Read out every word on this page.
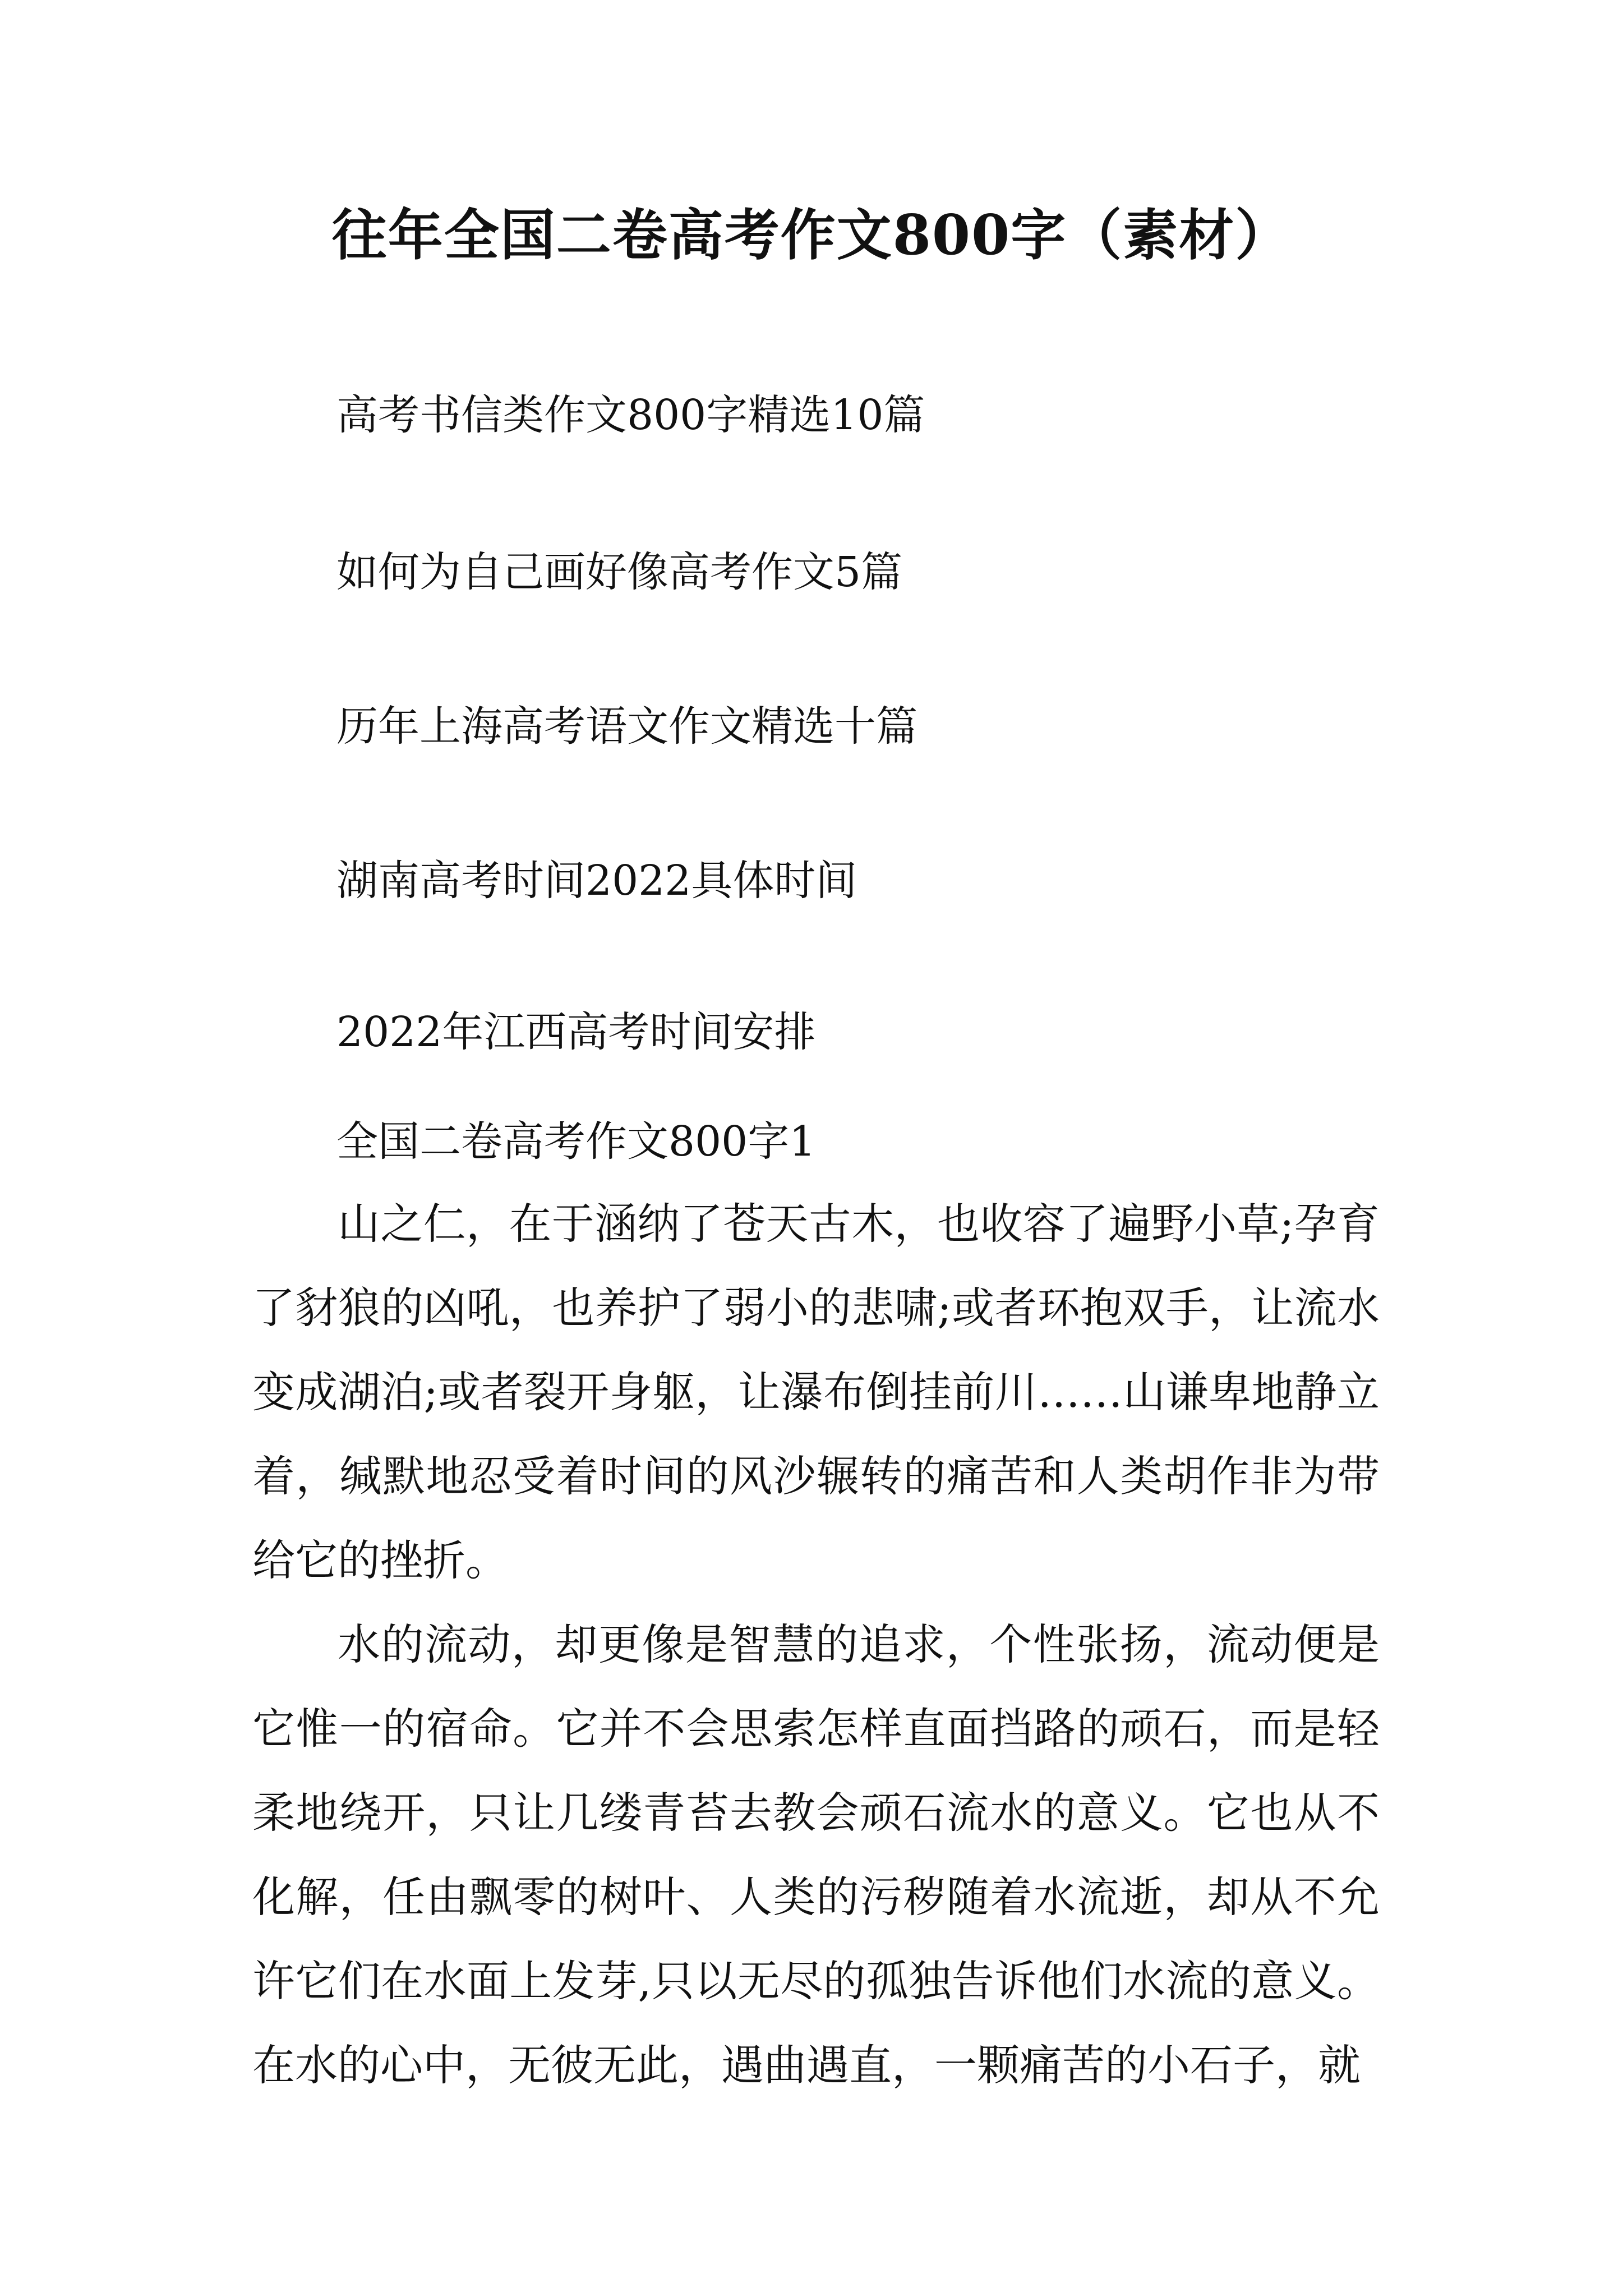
往年全国二卷高考作文800字（素材）
高考书信类作文800字精选10篇
如何为自己画好像高考作文5篇
历年上海高考语文作文精选十篇
湖南高考时间2022具体时间
2022年江西高考时间安排
全国二卷高考作文800字1

山之仁，在于涵纳了苍天古木，也收容了遍野小草;孕育了豺狼的凶吼，也养护了弱小的悲啸;或者环抱双手，让流水变成湖泊;或者裂开身躯，让瀑布倒挂前川……山谦卑地静立着，缄默地忍受着时间的风沙辗转的痛苦和人类胡作非为带给它的挫折。

水的流动，却更像是智慧的追求，个性张扬，流动便是它惟一的宿命。它并不会思索怎样直面挡路的顽石，而是轻柔地绕开，只让几缕青苔去教会顽石流水的意义。它也从不化解，任由飘零的树叶、人类的污秽随着水流逝，却从不允许它们在水面上发芽,只以无尽的孤独告诉他们水流的意义。在水的心中，无彼无此，遇曲遇直，一颗痛苦的小石子，就
